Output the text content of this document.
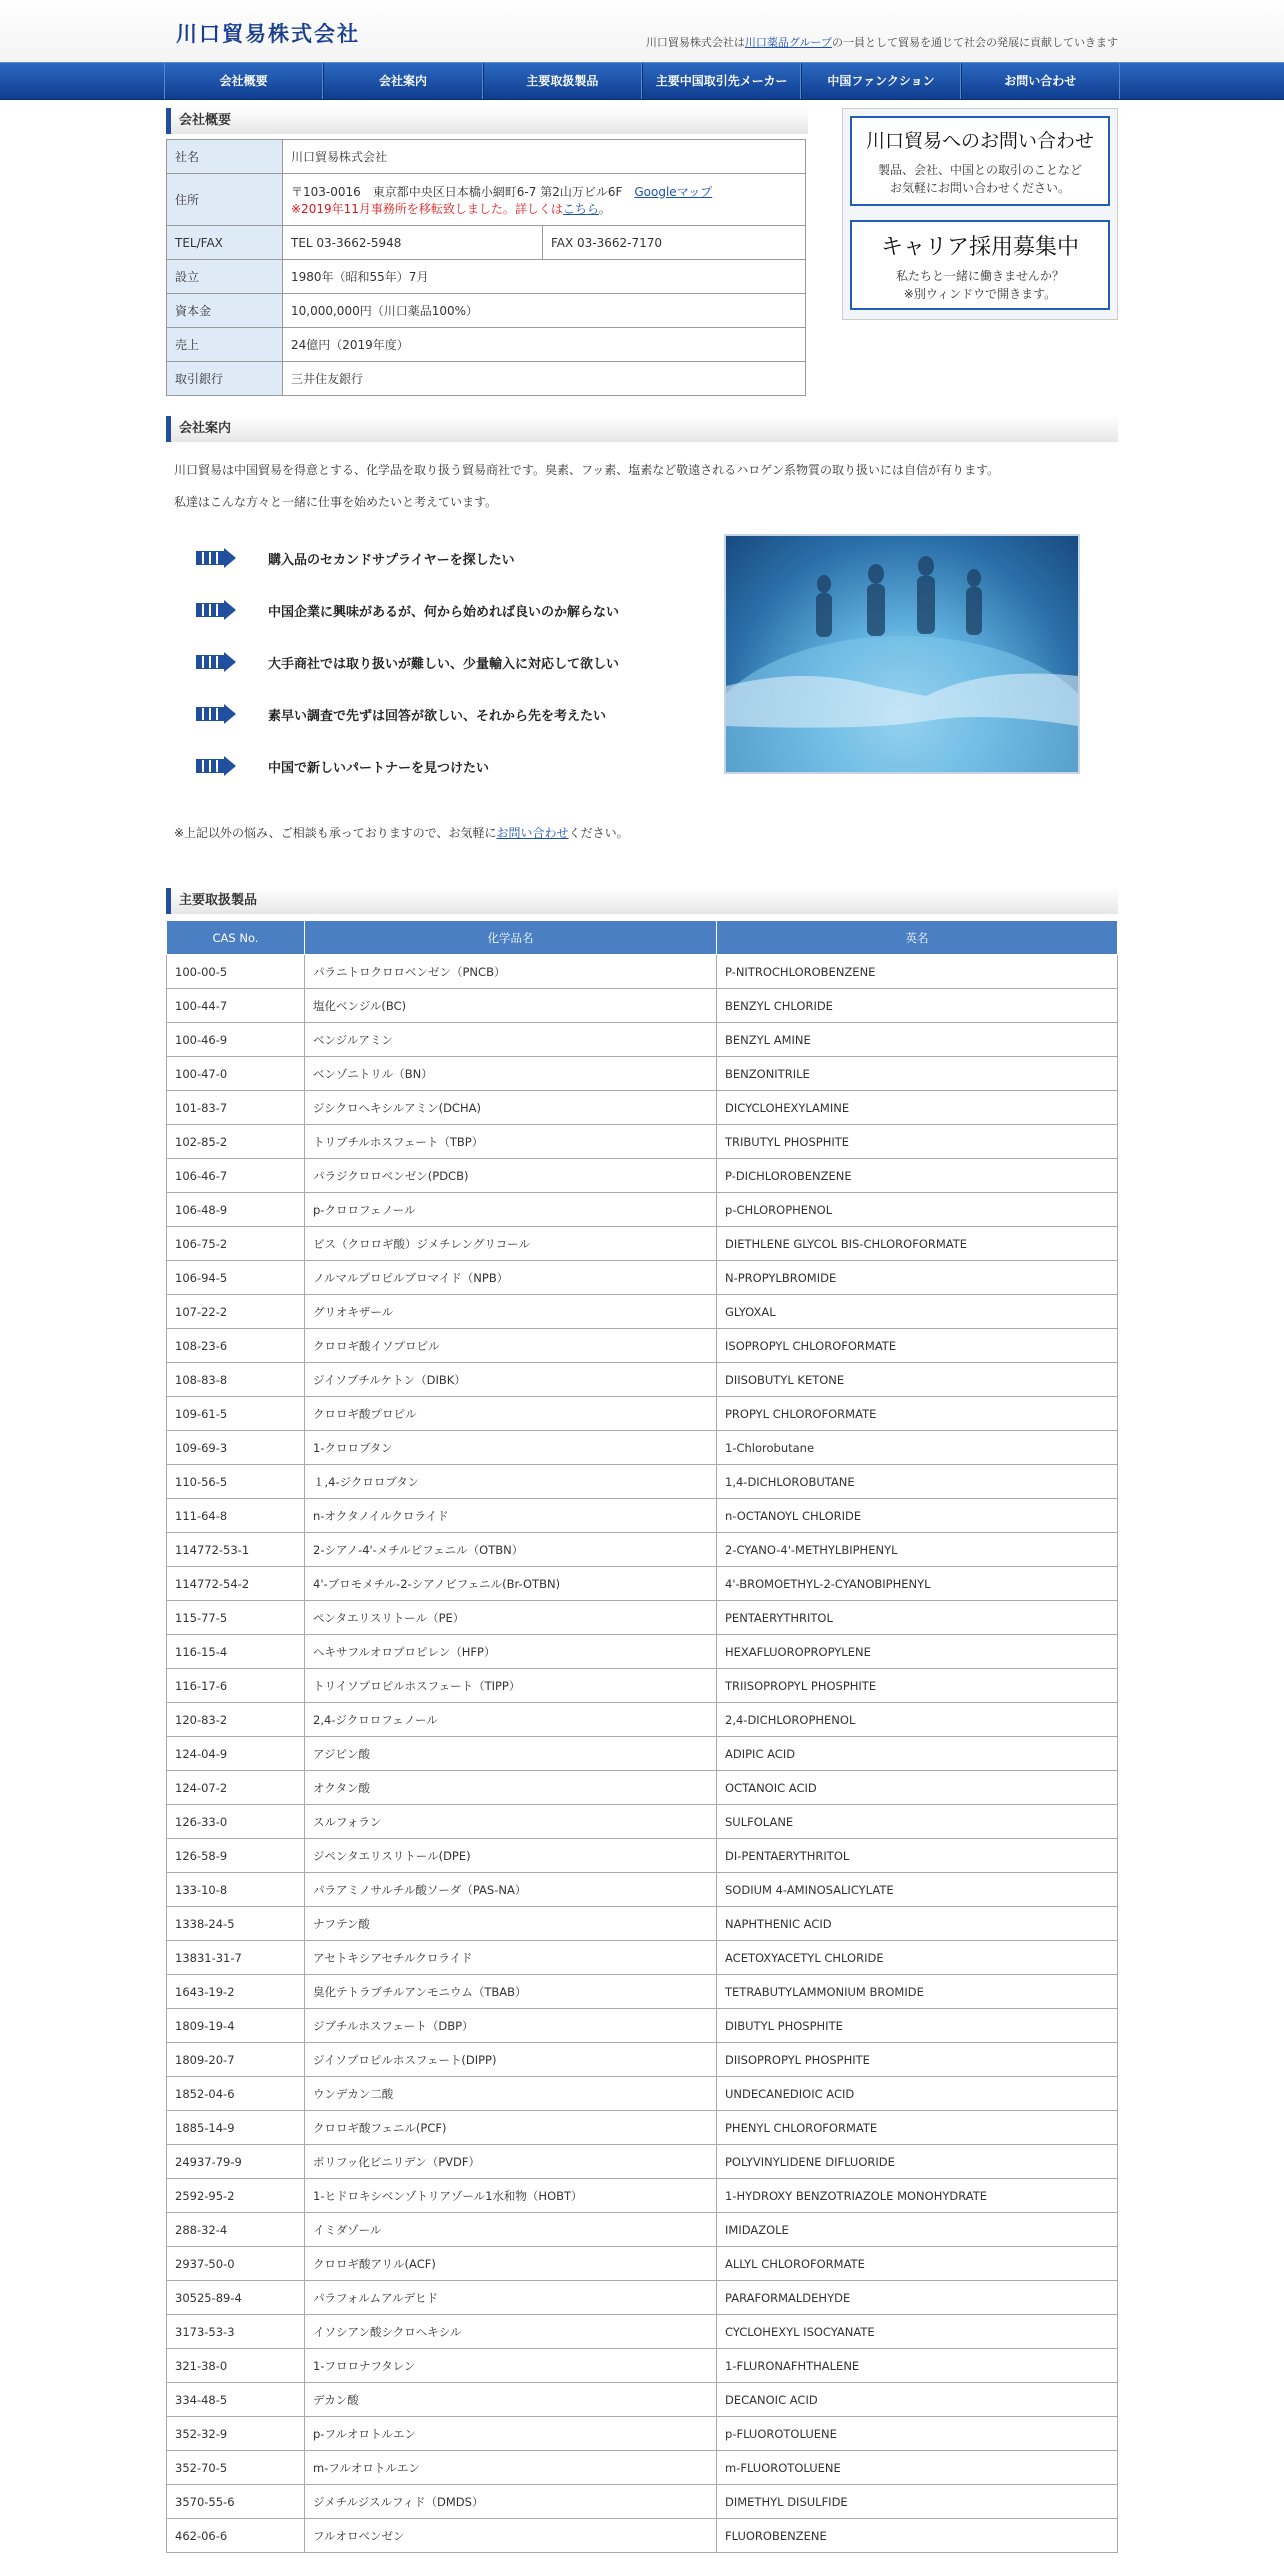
川口貿易株式会社	川口貿易株式会社は川口薬品グループの一員として貿易を通じて社会の発展に貢献していきます
会社概要	会社案内	主要取扱製品	主要中国取引先メーカー	中国ファンクション	お問い合わせ
会社概要
社名	川口貿易株式会社	
住所	〒103-0016　東京都中央区日本橋小網町6-7 第2山万ビル6F　Googleマップ
※2019年11月事務所を移転致しました。詳しくはこちら。	
TEL/FAX	TEL 03-3662-5948	FAX 03-3662-7170
設立	1980年（昭和55年）7月	
資本金	10,000,000円（川口薬品100%）	
売上	24億円（2019年度）	
取引銀行	三井住友銀行	
川口貿易へのお問い合わせ
製品、会社、中国との取引のことなど
お気軽にお問い合わせください。
キャリア採用募集中
私たちと一緒に働きませんか？
※別ウィンドウで開きます。
会社案内

川口貿易は中国貿易を得意とする、化学品を取り扱う貿易商社です。臭素、フッ素、塩素など敬遠されるハロゲン系物質の取り扱いには自信が有ります。

私達はこんな方々と一緒に仕事を始めたいと考えています。

購入品のセカンドサプライヤーを探したい
中国企業に興味があるが、何から始めれば良いのか解らない
大手商社では取り扱いが難しい、少量輸入に対応して欲しい
素早い調査で先ずは回答が欲しい、それから先を考えたい
中国で新しいパートナーを見つけたい
※上記以外の悩み、ご相談も承っておりますので、お気軽にお問い合わせください。
主要取扱製品
CAS No.	化学品名	英名
100-00-5	パラニトロクロロベンゼン（PNCB）	P-NITROCHLOROBENZENE
100-44-7	塩化ベンジル(BC)	BENZYL CHLORIDE
100-46-9	ベンジルアミン	BENZYL AMINE
100-47-0	ベンゾニトリル（BN）	BENZONITRILE
101-83-7	ジシクロヘキシルアミン(DCHA)	DICYCLOHEXYLAMINE
102-85-2	トリブチルホスフェート（TBP）	TRIBUTYL PHOSPHITE
106-46-7	パラジクロロベンゼン(PDCB)	P-DICHLOROBENZENE
106-48-9	p-クロロフェノール	p-CHLOROPHENOL
106-75-2	ビス（クロロギ酸）ジメチレングリコール	DIETHLENE GLYCOL BIS-CHLOROFORMATE
106-94-5	ノルマルプロピルブロマイド（NPB）	N-PROPYLBROMIDE
107-22-2	グリオキザール	GLYOXAL
108-23-6	クロロギ酸イソプロピル	ISOPROPYL CHLOROFORMATE
108-83-8	ジイソブチルケトン（DIBK）	DIISOBUTYL KETONE
109-61-5	クロロギ酸プロピル	PROPYL CHLOROFORMATE
109-69-3	1-クロロブタン	1-Chlorobutane
110-56-5	１,4-ジクロロブタン	1,4-DICHLOROBUTANE
111-64-8	n-オクタノイルクロライド	n-OCTANOYL CHLORIDE
114772-53-1	2-シアノ-4'-メチルビフェニル（OTBN）	2-CYANO-4'-METHYLBIPHENYL
114772-54-2	4'-ブロモメチル-2-シアノビフェニル(Br-OTBN)	4'-BROMOETHYL-2-CYANOBIPHENYL
115-77-5	ペンタエリスリトール（PE）	PENTAERYTHRITOL
116-15-4	ヘキサフルオロプロピレン（HFP）	HEXAFLUOROPROPYLENE
116-17-6	トリイソプロピルホスフェート（TIPP）	TRIISOPROPYL PHOSPHITE
120-83-2	2,4-ジクロロフェノール	2,4-DICHLOROPHENOL
124-04-9	アジピン酸	ADIPIC ACID
124-07-2	オクタン酸	OCTANOIC ACID
126-33-0	スルフォラン	SULFOLANE
126-58-9	ジペンタエリスリトール(DPE)	DI-PENTAERYTHRITOL
133-10-8	パラアミノサルチル酸ソーダ（PAS-NA）	SODIUM 4-AMINOSALICYLATE
1338-24-5	ナフテン酸	NAPHTHENIC ACID
13831-31-7	アセトキシアセチルクロライド	ACETOXYACETYL CHLORIDE
1643-19-2	臭化テトラブチルアンモニウム（TBAB）	TETRABUTYLAMMONIUM BROMIDE
1809-19-4	ジブチルホスフェート（DBP）	DIBUTYL PHOSPHITE
1809-20-7	ジイソプロピルホスフェート(DIPP)	DIISOPROPYL PHOSPHITE
1852-04-6	ウンデカン二酸	UNDECANEDIOIC ACID
1885-14-9	クロロギ酸フェニル(PCF)	PHENYL CHLOROFORMATE
24937-79-9	ポリフッ化ビニリデン（PVDF）	POLYVINYLIDENE DIFLUORIDE
2592-95-2	1-ヒドロキシベンゾトリアゾール1水和物（HOBT）	1-HYDROXY BENZOTRIAZOLE MONOHYDRATE
288-32-4	イミダゾール	IMIDAZOLE
2937-50-0	クロロギ酸アリル(ACF)	ALLYL CHLOROFORMATE
30525-89-4	パラフォルムアルデヒド	PARAFORMALDEHYDE
3173-53-3	イソシアン酸シクロヘキシル	CYCLOHEXYL ISOCYANATE
321-38-0	1-フロロナフタレン	1-FLURONAFHTHALENE
334-48-5	デカン酸	DECANOIC ACID
352-32-9	p-フルオロトルエン	p-FLUOROTOLUENE
352-70-5	m-フルオロトルエン	m-FLUOROTOLUENE
3570-55-6	ジメチルジスルフィド（DMDS）	DIMETHYL DISULFIDE
462-06-6	フルオロベンゼン	FLUOROBENZENE
